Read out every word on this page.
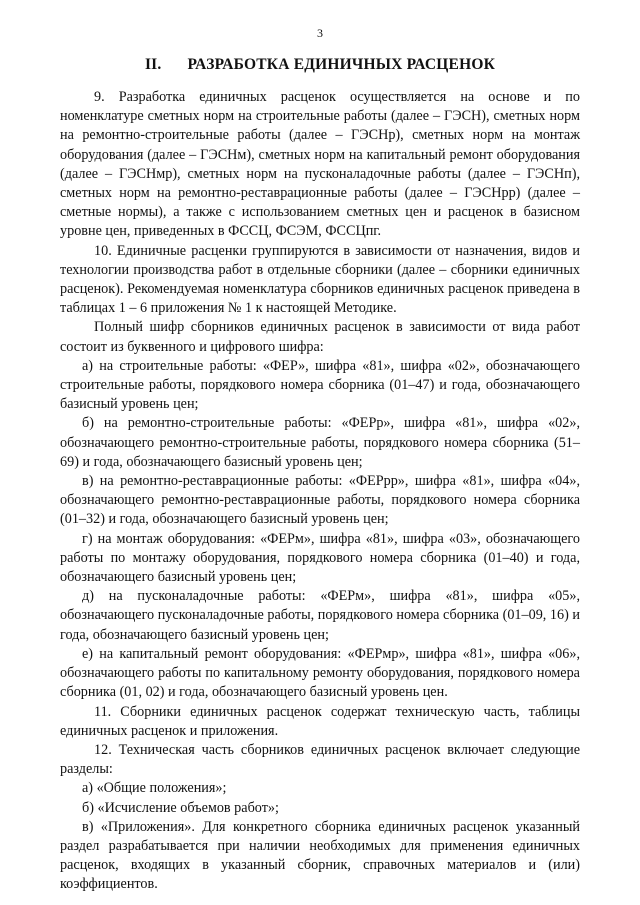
3
II. РАЗРАБОТКА ЕДИНИЧНЫХ РАСЦЕНОК

9. Разработка единичных расценок осуществляется на основе и по номенклатуре сметных норм на строительные работы (далее – ГЭСН), сметных норм на ремонтно-строительные работы (далее – ГЭСНр), сметных норм на монтаж оборудования (далее – ГЭСНм), сметных норм на капитальный ремонт оборудования (далее – ГЭСНмр), сметных норм на пусконаладочные работы (далее – ГЭСНп), сметных норм на ремонтно-реставрационные работы (далее – ГЭСНрр) (далее – сметные нормы), а также с использованием сметных цен и расценок в базисном уровне цен, приведенных в ФССЦ, ФСЭМ, ФССЦпг.

10. Единичные расценки группируются в зависимости от назначения, видов и технологии производства работ в отдельные сборники (далее – сборники единичных расценок). Рекомендуемая номенклатура сборников единичных расценок приведена в таблицах 1 – 6 приложения № 1 к настоящей Методике.

Полный шифр сборников единичных расценок в зависимости от вида работ состоит из буквенного и цифрового шифра:

а) на строительные работы: «ФЕР», шифра «81», шифра «02», обозначающего строительные работы, порядкового номера сборника (01–47) и года, обозначающего базисный уровень цен;

б) на ремонтно-строительные работы: «ФЕРр», шифра «81», шифра «02», обозначающего ремонтно-строительные работы, порядкового номера сборника (51–69) и года, обозначающего базисный уровень цен;

в) на ремонтно-реставрационные работы: «ФЕРрр», шифра «81», шифра «04», обозначающего ремонтно-реставрационные работы, порядкового номера сборника (01–32) и года, обозначающего базисный уровень цен;

г) на монтаж оборудования: «ФЕРм», шифра «81», шифра «03», обозначающего работы по монтажу оборудования, порядкового номера сборника (01–40) и года, обозначающего базисный уровень цен;

д) на пусконаладочные работы: «ФЕРм», шифра «81», шифра «05», обозначающего пусконаладочные работы, порядкового номера сборника (01–09, 16) и года, обозначающего базисный уровень цен;

е) на капитальный ремонт оборудования: «ФЕРмр», шифра «81», шифра «06», обозначающего работы по капитальному ремонту оборудования, порядкового номера сборника (01, 02) и года, обозначающего базисный уровень цен.

11. Сборники единичных расценок содержат техническую часть, таблицы единичных расценок и приложения.

12. Техническая часть сборников единичных расценок включает следующие разделы:

а) «Общие положения»;

б) «Исчисление объемов работ»;

в) «Приложения». Для конкретного сборника единичных расценок указанный раздел разрабатывается при наличии необходимых для применения единичных расценок, входящих в указанный сборник, справочных материалов и (или) коэффициентов.
